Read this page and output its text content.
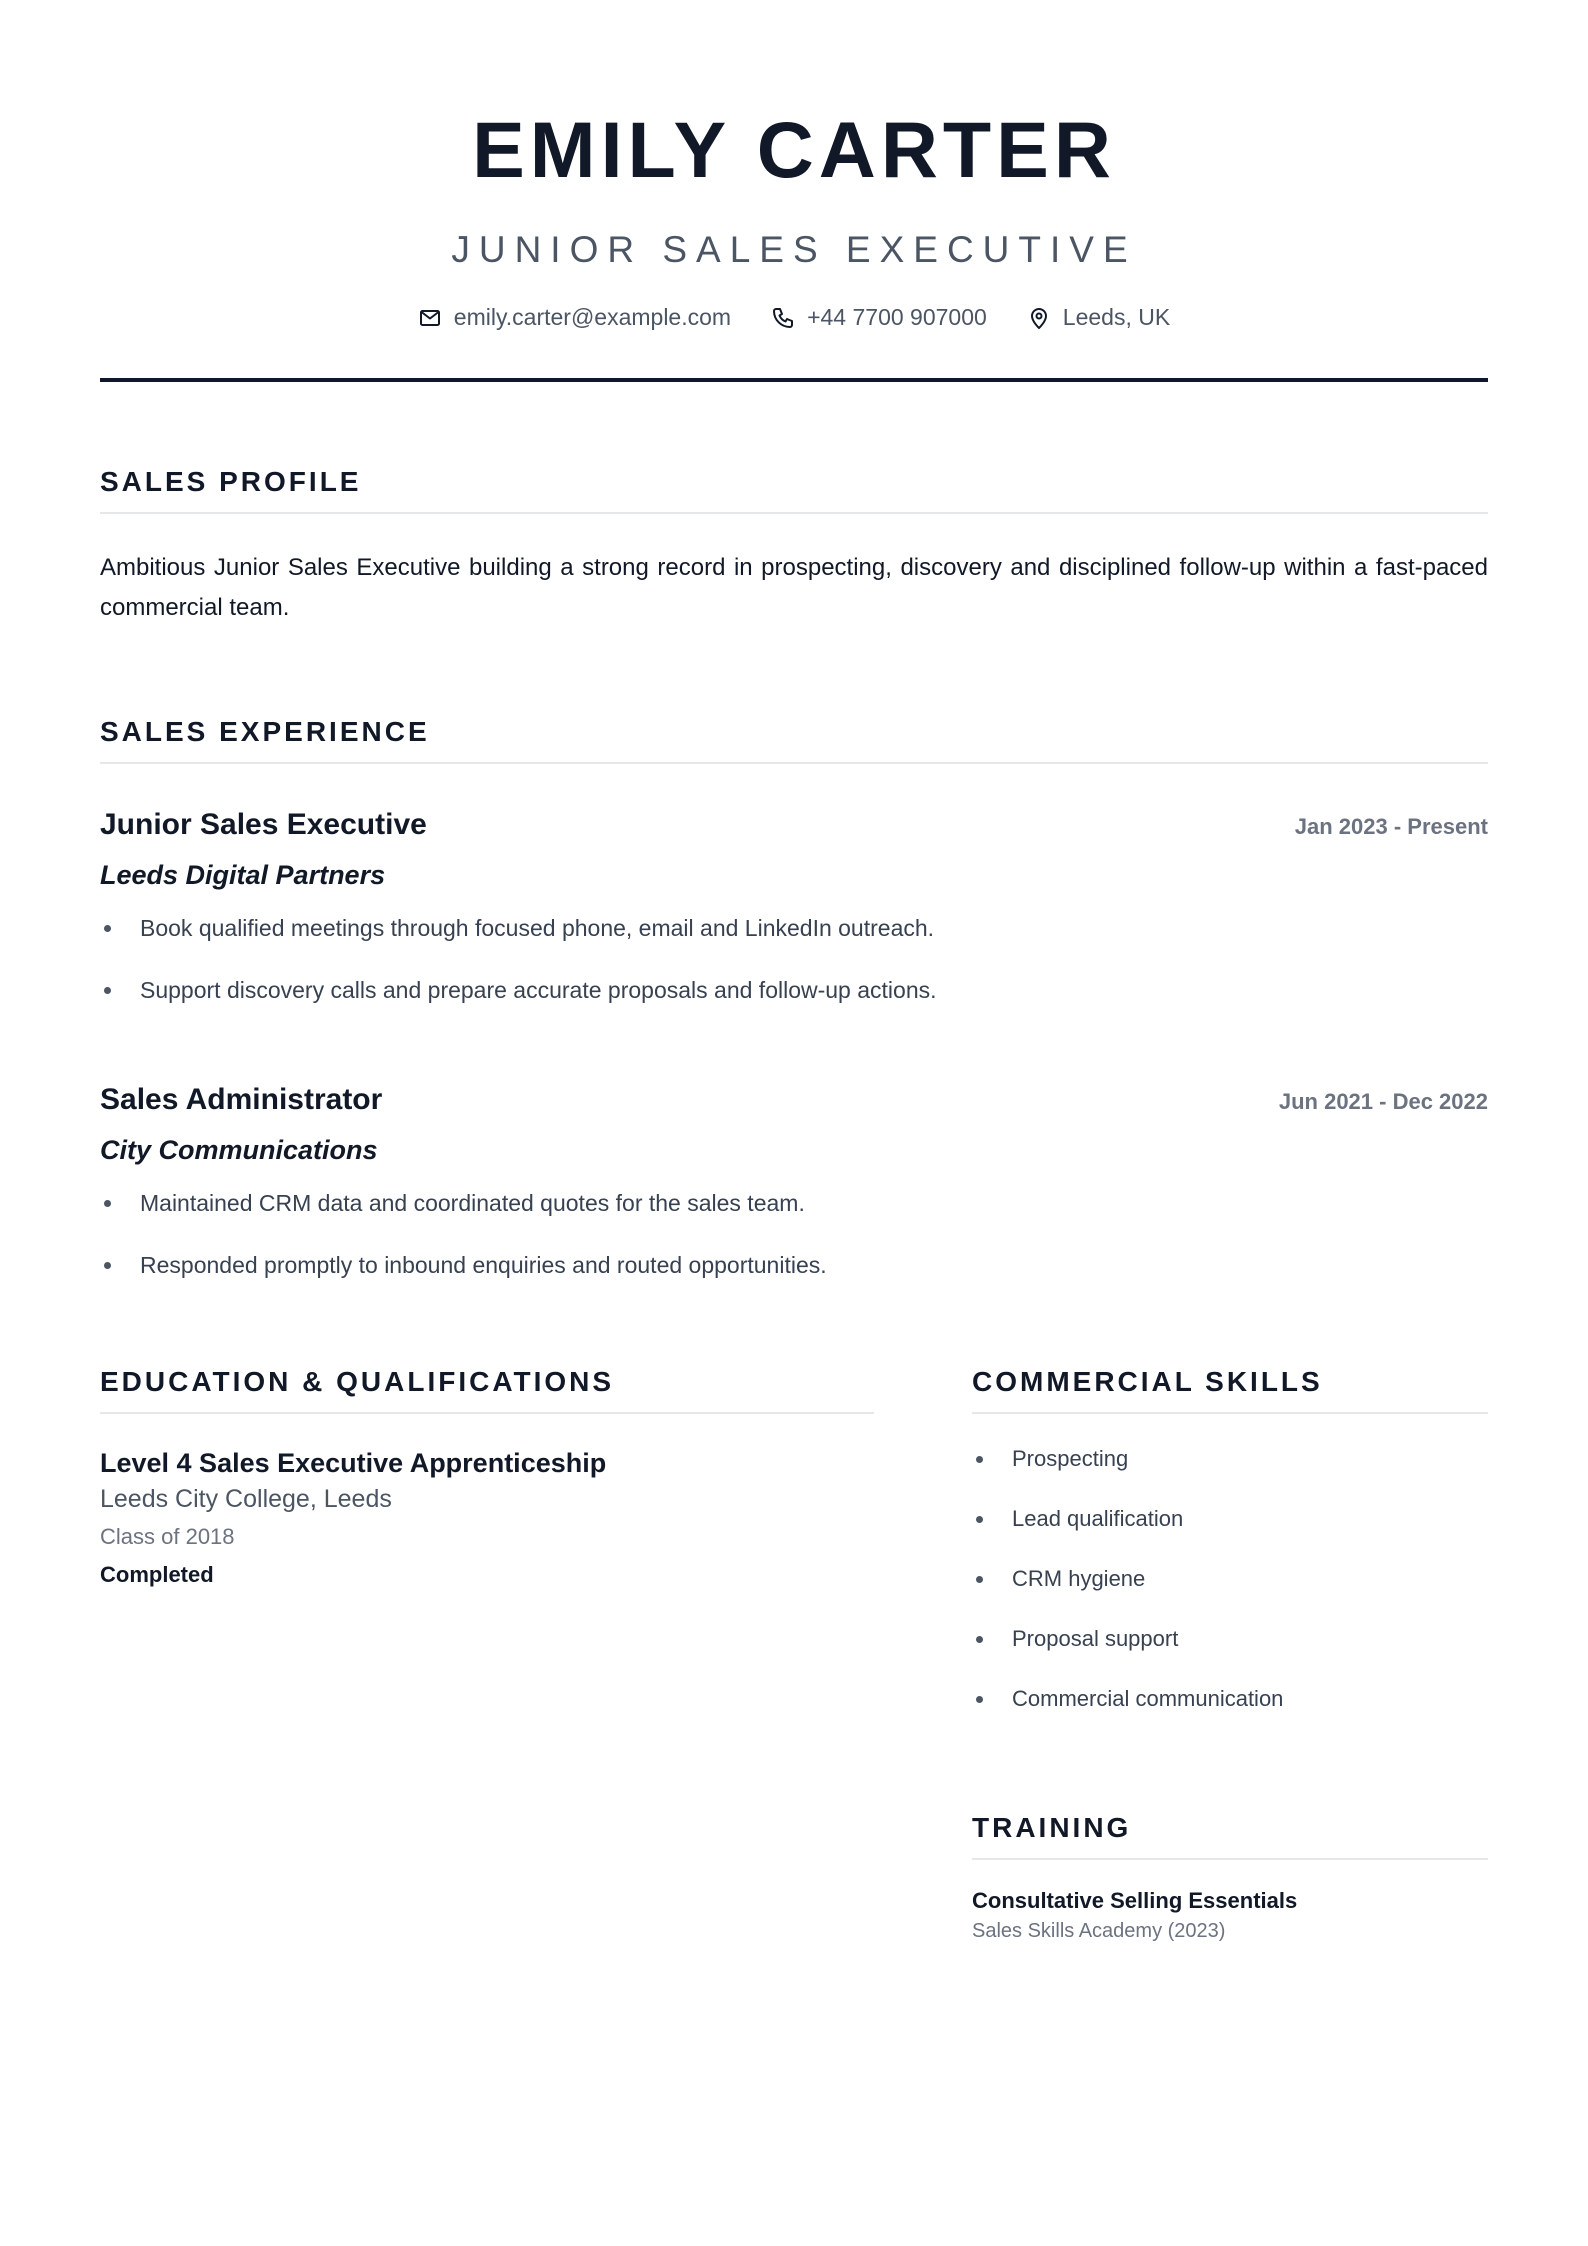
EMILY CARTER
JUNIOR SALES EXECUTIVE
emily.carter@example.com	+44 7700 907000	Leeds, UK
SALES PROFILE

Ambitious Junior Sales Executive building a strong record in prospecting, discovery and disciplined follow-up within a fast-paced commercial team.

SALES EXPERIENCE
Junior Sales Executive	Jan 2023 - Present
Leeds Digital Partners
Book qualified meetings through focused phone, email and LinkedIn outreach.
Support discovery calls and prepare accurate proposals and follow-up actions.
Sales Administrator	Jun 2021 - Dec 2022
City Communications
Maintained CRM data and coordinated quotes for the sales team.
Responded promptly to inbound enquiries and routed opportunities.
EDUCATION & QUALIFICATIONS
Level 4 Sales Executive Apprenticeship
Leeds City College, Leeds
Class of 2018
Completed
COMMERCIAL SKILLS
Prospecting
Lead qualification
CRM hygiene
Proposal support
Commercial communication
TRAINING
Consultative Selling Essentials
Sales Skills Academy (2023)
